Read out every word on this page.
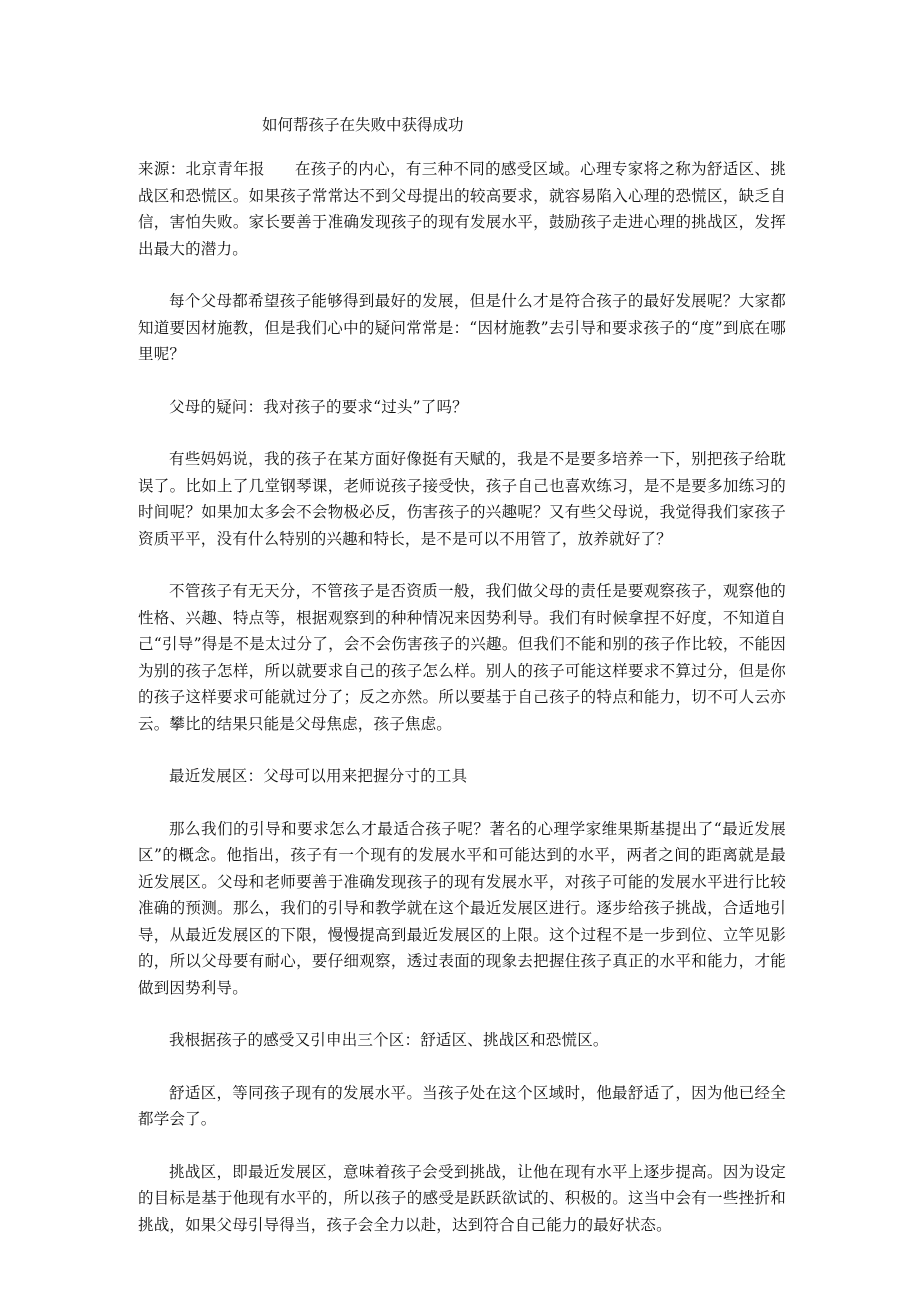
如何帮孩子在失败中获得成功

来源：北京青年报 在孩子的内心，有三种不同的感受区域。心理专家将之称为舒适区、挑战区和恐慌区。如果孩子常常达不到父母提出的较高要求，就容易陷入心理的恐慌区，缺乏自信，害怕失败。家长要善于准确发现孩子的现有发展水平，鼓励孩子走进心理的挑战区，发挥出最大的潜力。

每个父母都希望孩子能够得到最好的发展，但是什么才是符合孩子的最好发展呢？大家都知道要因材施教，但是我们心中的疑问常常是：“因材施教”去引导和要求孩子的“度”到底在哪里呢？

父母的疑问：我对孩子的要求“过头”了吗？

有些妈妈说，我的孩子在某方面好像挺有天赋的，我是不是要多培养一下，别把孩子给耽误了。比如上了几堂钢琴课，老师说孩子接受快，孩子自己也喜欢练习，是不是要多加练习的时间呢？如果加太多会不会物极必反，伤害孩子的兴趣呢？又有些父母说，我觉得我们家孩子资质平平，没有什么特别的兴趣和特长，是不是可以不用管了，放养就好了？

不管孩子有无天分，不管孩子是否资质一般，我们做父母的责任是要观察孩子，观察他的性格、兴趣、特点等，根据观察到的种种情况来因势利导。我们有时候拿捏不好度，不知道自己“引导”得是不是太过分了，会不会伤害孩子的兴趣。但我们不能和别的孩子作比较，不能因为别的孩子怎样，所以就要求自己的孩子怎么样。别人的孩子可能这样要求不算过分，但是你的孩子这样要求可能就过分了；反之亦然。所以要基于自己孩子的特点和能力，切不可人云亦云。攀比的结果只能是父母焦虑，孩子焦虑。

最近发展区：父母可以用来把握分寸的工具

那么我们的引导和要求怎么才最适合孩子呢？著名的心理学家维果斯基提出了“最近发展区”的概念。他指出，孩子有一个现有的发展水平和可能达到的水平，两者之间的距离就是最近发展区。父母和老师要善于准确发现孩子的现有发展水平，对孩子可能的发展水平进行比较准确的预测。那么，我们的引导和教学就在这个最近发展区进行。逐步给孩子挑战，合适地引导，从最近发展区的下限，慢慢提高到最近发展区的上限。这个过程不是一步到位、立竿见影的，所以父母要有耐心，要仔细观察，透过表面的现象去把握住孩子真正的水平和能力，才能做到因势利导。

我根据孩子的感受又引申出三个区：舒适区、挑战区和恐慌区。

舒适区，等同孩子现有的发展水平。当孩子处在这个区域时，他最舒适了，因为他已经全都学会了。

挑战区，即最近发展区，意味着孩子会受到挑战，让他在现有水平上逐步提高。因为设定的目标是基于他现有水平的，所以孩子的感受是跃跃欲试的、积极的。这当中会有一些挫折和挑战，如果父母引导得当，孩子会全力以赴，达到符合自己能力的最好状态。
